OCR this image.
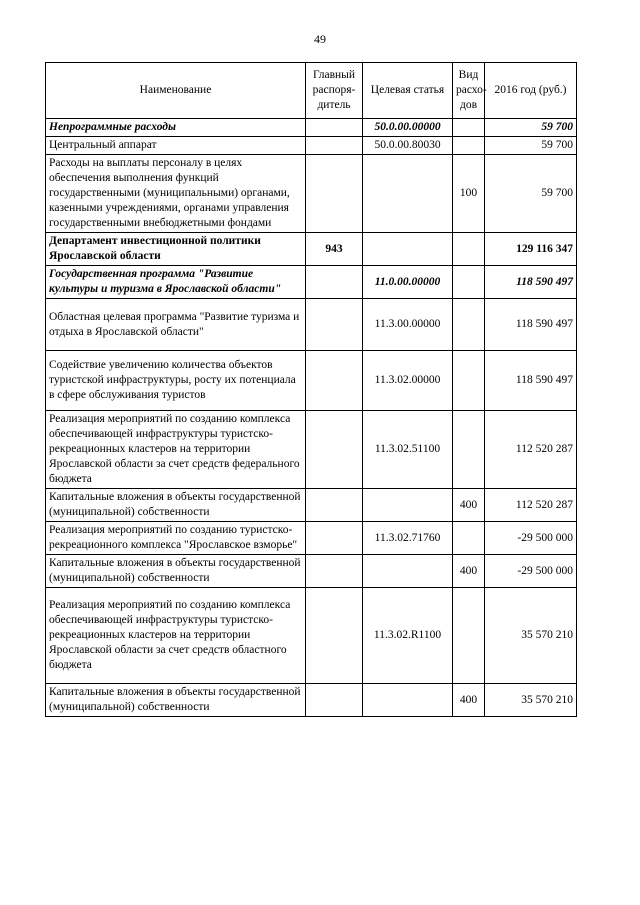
49
Наименование	Главный распоря-дитель	Целевая статья	Вид расхо-дов	2016 год (руб.)
Непрограммные расходы		50.0.00.00000		59 700
Центральный аппарат		50.0.00.80030		59 700
Расходы на выплаты персоналу в целях обеспечения выполнения функций государственными (муниципальными) органами, казенными учреждениями, органами управления государственными внебюджетными фондами			100	59 700
Департамент инвестиционной политики Ярославской области	943			129 116 347
Государственная программа "Развитие культуры и туризма в Ярославской области"		11.0.00.00000		118 590 497
Областная целевая программа "Развитие туризма и отдыха в Ярославской области"		11.3.00.00000		118 590 497
Содействие увеличению количества объектов туристской инфраструктуры, росту их потенциала в сфере обслуживания туристов		11.3.02.00000		118 590 497
Реализация мероприятий по созданию комплекса обеспечивающей инфраструктуры туристско-рекреационных кластеров на территории Ярославской области за счет средств федерального бюджета		11.3.02.51100		112 520 287
Капитальные вложения в объекты государственной (муниципальной) собственности			400	112 520 287
Реализация мероприятий по созданию туристско-рекреационного комплекса "Ярославское взморье"		11.3.02.71760		-29 500 000
Капитальные вложения в объекты государственной (муниципальной) собственности			400	-29 500 000
Реализация мероприятий по созданию комплекса обеспечивающей инфраструктуры туристско-рекреационных кластеров на территории Ярославской области за счет средств областного бюджета		11.3.02.R1100		35 570 210
Капитальные вложения в объекты государственной (муниципальной) собственности			400	35 570 210
